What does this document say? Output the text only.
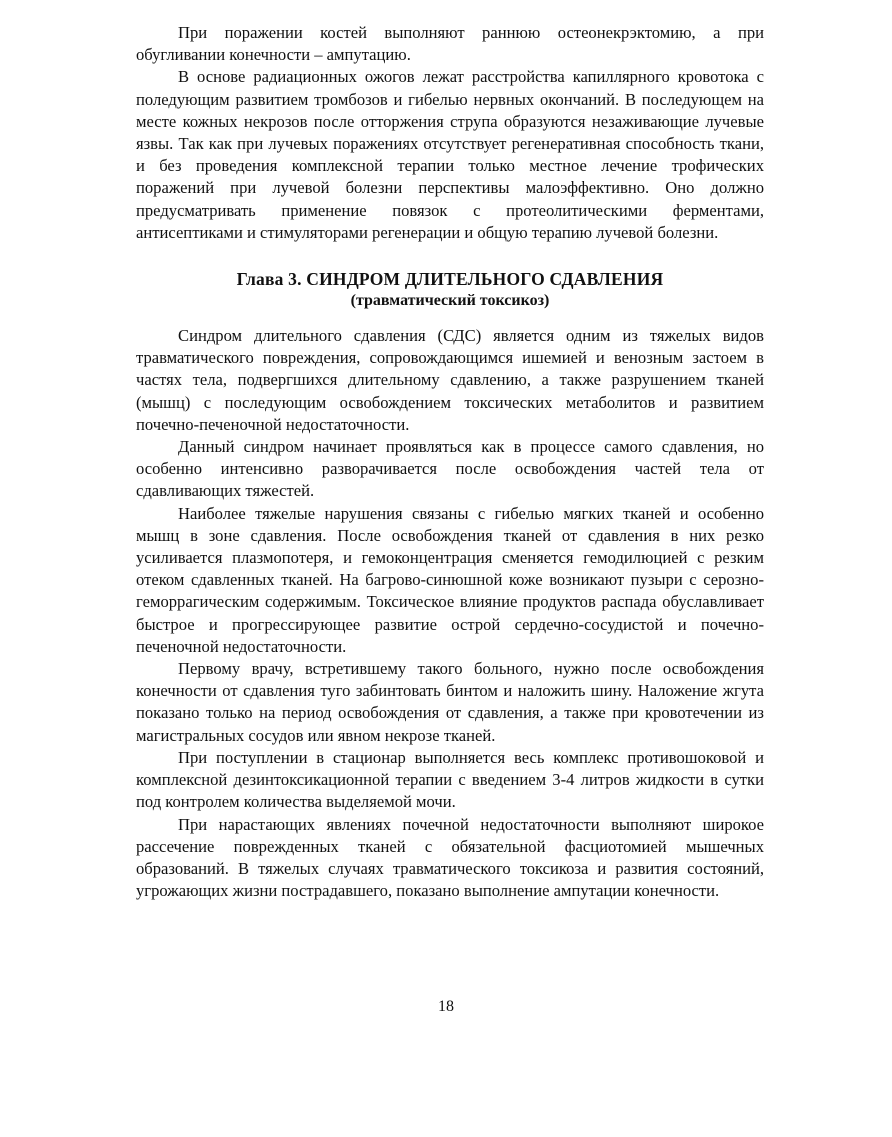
При поражении костей выполняют раннюю остеонекрэктомию, а при обугливании конечности – ампутацию.

В основе радиационных ожогов лежат расстройства капиллярного кровотока с поледующим развитием тромбозов и гибелью нервных окончаний. В последующем на месте кожных некрозов после отторжения струпа образуются незаживающие лучевые язвы. Так как при лучевых поражениях отсутствует регенеративная способность ткани, и без проведения комплексной терапии только местное лечение трофических поражений при лучевой болезни перспективы малоэффективно. Оно должно предусматривать применение повязок с протеолитическими ферментами, антисептиками и стимуляторами регенерации и общую терапию лучевой болезни.

Глава 3. СИНДРОМ ДЛИТЕЛЬНОГО СДАВЛЕНИЯ
(травматический токсикоз)

Синдром длительного сдавления (СДС) является одним из тяжелых видов травматического повреждения, сопровождающимся ишемией и венозным застоем в частях тела, подвергшихся длительному сдавлению, а также разрушением тканей (мышц) с последующим освобождением токсических метаболитов и развитием почечно-печеночной недостаточности.

Данный синдром начинает проявляться как в процессе самого сдавления, но особенно интенсивно разворачивается после освобождения частей тела от сдавливающих тяжестей.

Наиболее тяжелые нарушения связаны с гибелью мягких тканей и особенно мышц в зоне сдавления. После освобождения тканей от сдавления в них резко усиливается плазмопотеря, и гемоконцентрация сменяется гемодилюцией с резким отеком сдавленных тканей. На багрово-синюшной коже возникают пузыри с серозно-геморрагическим содержимым. Токсическое влияние продуктов распада обуславливает быстрое и прогрессирующее развитие острой сердечно-сосудистой и почечно-печеночной недостаточности.

Первому врачу, встретившему такого больного, нужно после освобождения конечности от сдавления туго забинтовать бинтом и наложить шину. Наложение жгута показано только на период освобождения от сдавления, а также при кровотечении из магистральных сосудов или явном некрозе тканей.

При поступлении в стационар выполняется весь комплекс противошоковой и комплексной дезинтоксикационной терапии с введением 3-4 литров жидкости в сутки под контролем количества выделяемой мочи.

При нарастающих явлениях почечной недостаточности выполняют широкое рассечение поврежденных тканей с обязательной фасциотомией мышечных образований. В тяжелых случаях травматического токсикоза и развития состояний, угрожающих жизни пострадавшего, показано выполнение ампутации конечности.

18
